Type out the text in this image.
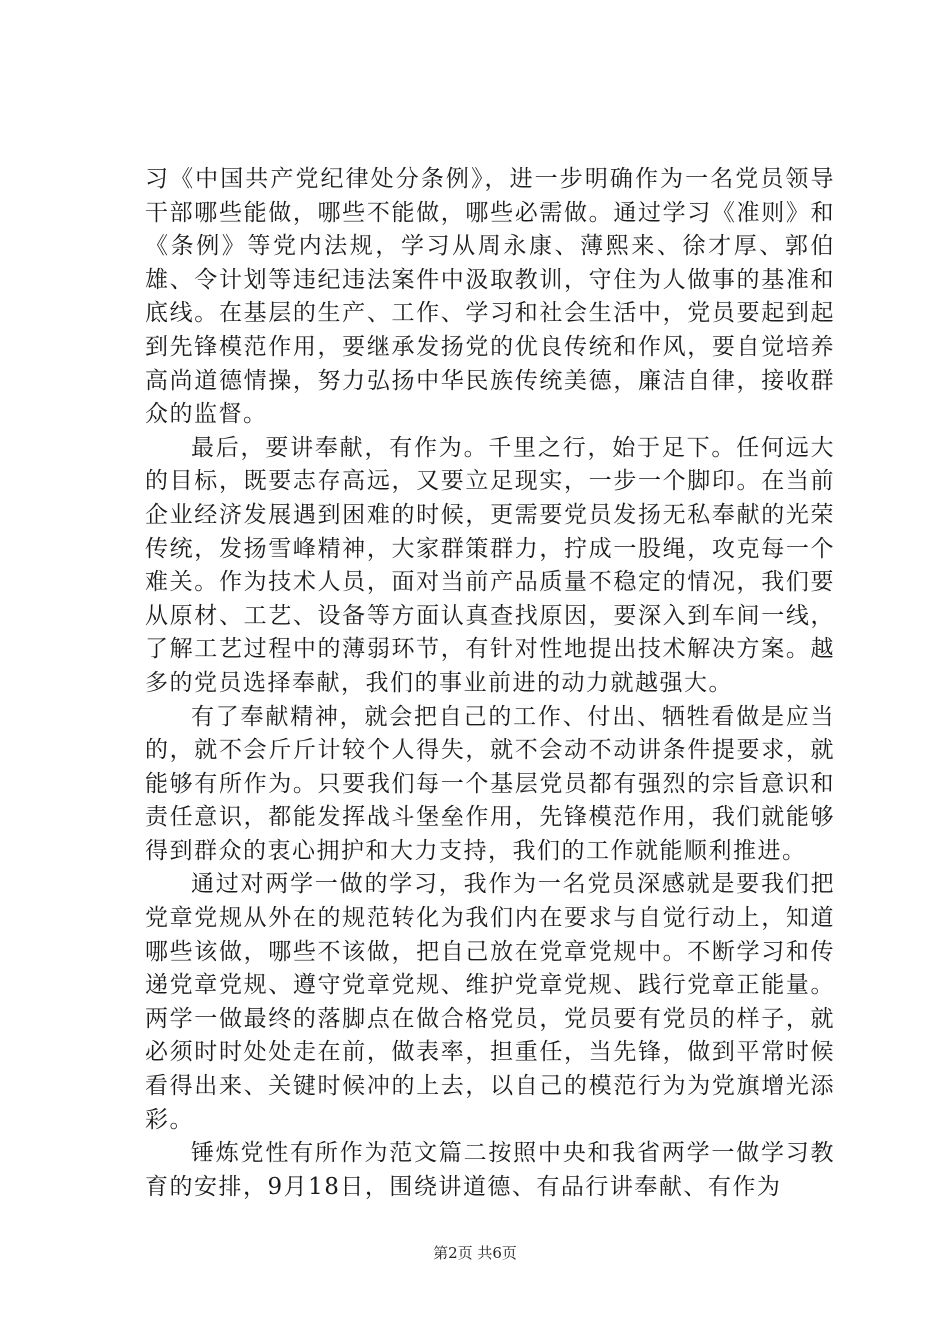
习《中国共产党纪律处分条例》，进一步明确作为一名党员领导干部哪些能做，哪些不能做，哪些必需做。通过学习《准则》和《条例》等党内法规，学习从周永康、薄熙来、徐才厚、郭伯雄、令计划等违纪违法案件中汲取教训，守住为人做事的基准和底线。在基层的生产、工作、学习和社会生活中，党员要起到起到先锋模范作用，要继承发扬党的优良传统和作风，要自觉培养高尚道德情操，努力弘扬中华民族传统美德，廉洁自律，接收群众的监督。

最后，要讲奉献，有作为。千里之行，始于足下。任何远大的目标，既要志存高远，又要立足现实，一步一个脚印。在当前企业经济发展遇到困难的时候，更需要党员发扬无私奉献的光荣传统，发扬雪峰精神，大家群策群力，拧成一股绳，攻克每一个难关。作为技术人员，面对当前产品质量不稳定的情况，我们要从原材、工艺、设备等方面认真查找原因，要深入到车间一线，了解工艺过程中的薄弱环节，有针对性地提出技术解决方案。越多的党员选择奉献，我们的事业前进的动力就越强大。

有了奉献精神，就会把自己的工作、付出、牺牲看做是应当的，就不会斤斤计较个人得失，就不会动不动讲条件提要求，就能够有所作为。只要我们每一个基层党员都有强烈的宗旨意识和责任意识，都能发挥战斗堡垒作用，先锋模范作用，我们就能够得到群众的衷心拥护和大力支持，我们的工作就能顺利推进。

通过对两学一做的学习，我作为一名党员深感就是要我们把党章党规从外在的规范转化为我们内在要求与自觉行动上，知道哪些该做，哪些不该做，把自己放在党章党规中。不断学习和传递党章党规、遵守党章党规、维护党章党规、践行党章正能量。两学一做最终的落脚点在做合格党员，党员要有党员的样子，就必须时时处处走在前，做表率，担重任，当先锋，做到平常时候看得出来、关键时候冲的上去，以自己的模范行为为党旗增光添彩。

锤炼党性有所作为范文篇二按照中央和我省两学一做学习教育的安排，9月18日，围绕讲道德、有品行讲奉献、有作为

第2页 共6页
